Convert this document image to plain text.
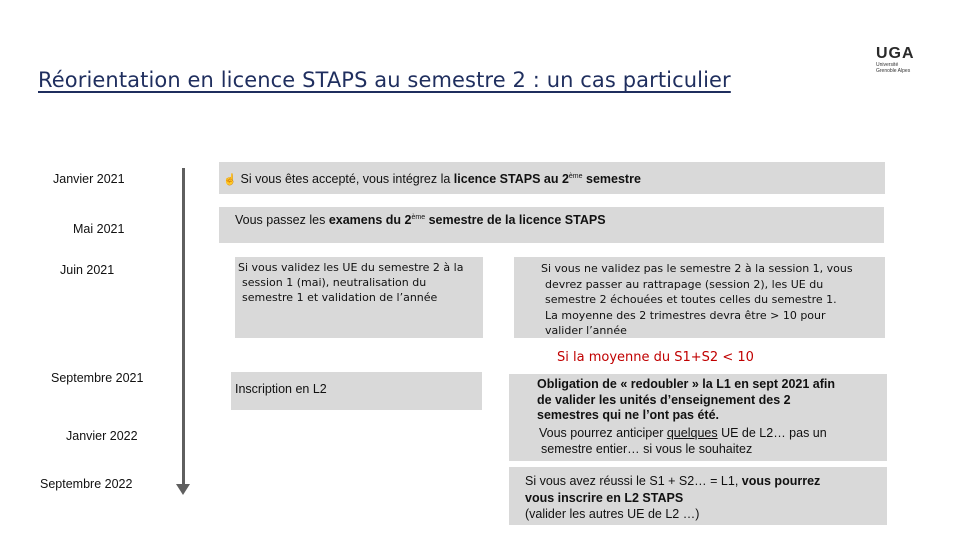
Réorientation en licence STAPS au semestre 2 : un cas particulier
UGA
Université
Grenoble Alpes
Janvier 2021
Mai 2021
Juin 2021
Septembre 2021
Janvier 2022
Septembre 2022
☝ Si vous êtes accepté, vous intégrez la licence STAPS au 2ème semestre
Vous passez les examens du 2ème semestre de la licence STAPS
Si vous validez les UE du semestre 2 à la
session 1 (mai), neutralisation du
semestre 1 et validation de l’année
Si vous ne validez pas le semestre 2 à la session 1, vous
devrez passer au rattrapage (session 2), les UE du
semestre 2 échouées et toutes celles du semestre 1.
La moyenne des 2 trimestres devra être > 10 pour
valider l’année
Si la moyenne du S1+S2 < 10
Inscription en L2	Obligation de « redoubler » la L1 en sept 2021 afin
de valider les unités d’enseignement des 2
semestres qui ne l’ont pas été.
Vous pourrez anticiper quelques UE de L2… pas un
semestre entier… si vous le souhaitez
Si vous avez réussi le S1 + S2… = L1, vous pourrez
vous inscrire en L2 STAPS
(valider les autres UE de L2 …)
